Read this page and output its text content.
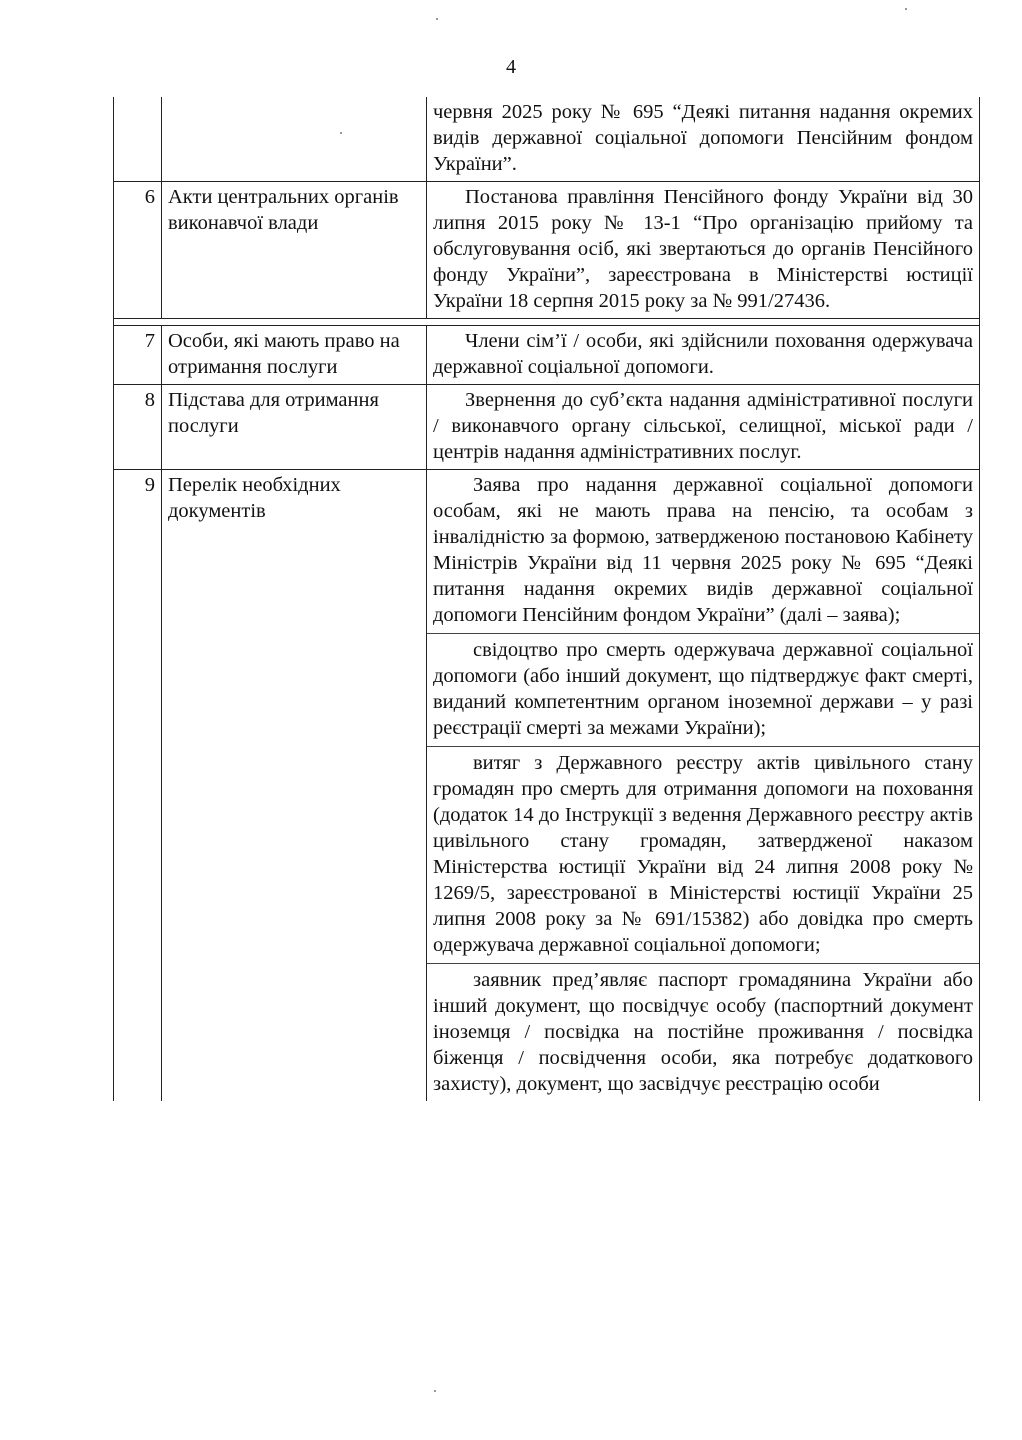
4

		червня 2025 року № 695 “Деякі питання надання окремих видів державної соціальної допомоги Пенсійним фондом України”.

6	Акти центральних органів виконавчої влади	Постанова правління Пенсійного фонду України від 30 липня 2015 року № 13-1 “Про організацію прийому та обслуговування осіб, які звертаються до органів Пенсійного фонду України”, зареєстрована в Міністерстві юстиції України 18 серпня 2015 року за № 991/27436.

7	Особи, які мають право на отримання послуги	Члени сім’ї / особи, які здійснили поховання одержувача державної соціальної допомоги.

8	Підстава для отримання послуги	Звернення до суб’єкта надання адміністративної послуги / виконавчого органу сільської, селищної, міської ради / центрів надання адміністративних послуг.

9	Перелік необхідних документів	Заява про надання державної соціальної допомоги особам, які не мають права на пенсію, та особам з інвалідністю за формою, затвердженою постановою Кабінету Міністрів України від 11 червня 2025 року № 695 “Деякі питання надання окремих видів державної соціальної допомоги Пенсійним фондом України” (далі – заява);

свідоцтво про смерть одержувача державної соціальної допомоги (або інший документ, що підтверджує факт смерті, виданий компетентним органом іноземної держави – у разі реєстрації смерті за межами України);

витяг з Державного реєстру актів цивільного стану громадян про смерть для отримання допомоги на поховання (додаток 14 до Інструкції з ведення Державного реєстру актів цивільного стану громадян, затвердженої наказом Міністерства юстиції України від 24 липня 2008 року № 1269/5, зареєстрованої в Міністерстві юстиції України 25 липня 2008 року за № 691/15382) або довідка про смерть одержувача державної соціальної допомоги;

заявник пред’являє паспорт громадянина України або інший документ, що посвідчує особу (паспортний документ іноземця / посвідка на постійне проживання / посвідка біженця / посвідчення особи, яка потребує додаткового захисту), документ, що засвідчує реєстрацію особи
